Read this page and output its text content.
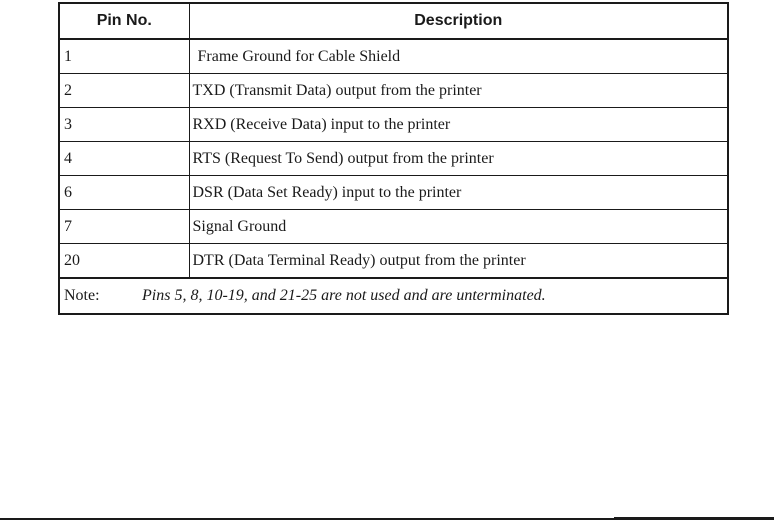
Pin No.	Description
1	Frame Ground for Cable Shield
2	TXD (Transmit Data) output from the printer
3	RXD (Receive Data) input to the printer
4	RTS (Request To Send) output from the printer
6	DSR (Data Set Ready) input to the printer
7	Signal Ground
20	DTR (Data Terminal Ready) output from the printer
Note: Pins 5, 8, 10-19, and 21-25 are not used and are unterminated.	
